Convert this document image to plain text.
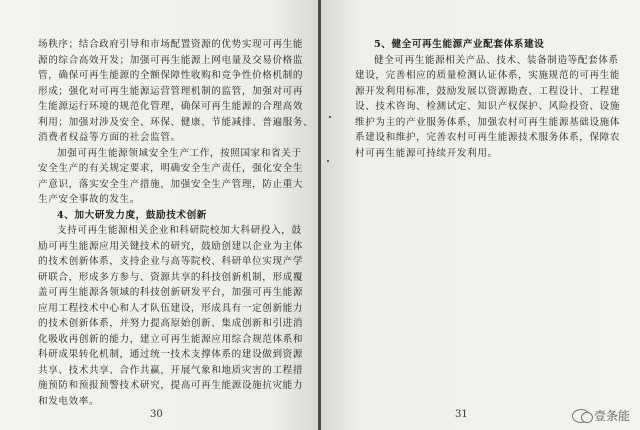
场秩序；结合政府引导和市场配置资源的优势实现可再生能
源的综合高效开发；加强可再生能源上网电量及交易价格监
管，确保可再生能源的全额保障性收购和竞争性价格机制的
形成；强化对可再生能源运营管理机制的监管，加强对可再
生能源运行环境的规范化管理，确保可再生能源的合理高效
利用；加强对涉及安全、环保、健康、节能减排、普遍服务、
消费者权益等方面的社会监管。
加强可再生能源领域安全生产工作，按照国家和省关于
安全生产的有关规定要求，明确安全生产责任，强化安全生
产意识，落实安全生产措施，加强安全生产管理，防止重大
生产安全事故的发生。
4、加大研发力度，鼓励技术创新
支持可再生能源相关企业和科研院校加大科研投入，鼓
励可再生能源应用关键技术的研究，鼓励创建以企业为主体
的技术创新体系，支持企业与高等院校、科研单位实现产学
研联合，形成多方参与、资源共享的科技创新机制，形成覆
盖可再生能源各领域的科技创新研发平台，加强可再生能源
应用工程技术中心和人才队伍建设，形成具有一定创新能力
的技术创新体系，并努力提高原始创新、集成创新和引进消
化吸收再创新的能力，建立可再生能源应用综合规范体系和
科研成果转化机制，通过统一技术支撑体系的建设做到资源
共享、技术共享、合作共赢，开展气象和地质灾害的工程措
施预防和预报预警技术研究，提高可再生能源设施抗灾能力
和发电效率。
30
5、健全可再生能源产业配套体系建设
健全可再生能源相关产品、技术、装备制造等配套体系
建设，完善相应的质量检测认证体系，实施规范的可再生能
源开发利用标准，鼓励发展以资源勘查、工程设计、工程建
设、技术咨询、检测试定、知识产权保护、风险投资、设施
维护为主的产业服务体系，加强农村可再生能源基础设施体
系建设和维护，完善农村可再生能源技术服务体系，保障农
村可再生能源可持续开发利用。
31	壹条能
